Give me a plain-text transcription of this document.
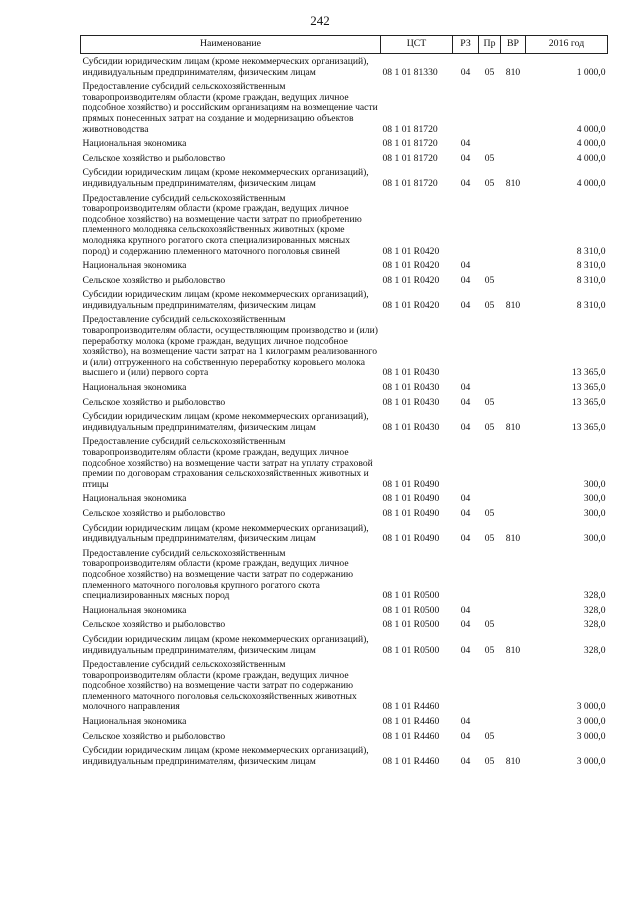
242
Наименование	ЦСТ	РЗ	Пр	ВР	2016 год
Субсидии юридическим лицам (кроме некоммерческих организаций), индивидуальным предпринимателям, физическим лицам	08 1 01 81330	04	05	810	1 000,0
Предоставление субсидий сельскохозяйственным товаропроизводителям области (кроме граждан, ведущих личное подсобное хозяйство) и российским организациям на возмещение части прямых понесенных затрат на создание и модернизацию объектов животноводства	08 1 01 81720				4 000,0
Национальная экономика	08 1 01 81720	04			4 000,0
Сельское хозяйство и рыболовство	08 1 01 81720	04	05		4 000,0
Субсидии юридическим лицам (кроме некоммерческих организаций), индивидуальным предпринимателям, физическим лицам	08 1 01 81720	04	05	810	4 000,0
Предоставление субсидий сельскохозяйственным товаропроизводителям области (кроме граждан, ведущих личное подсобное хозяйство) на возмещение части затрат по приобретению племенного молодняка сельскохозяйственных животных (кроме молодняка крупного рогатого скота специализированных мясных пород) и содержанию племенного маточного поголовья свиней	08 1 01 R0420				8 310,0
Национальная экономика	08 1 01 R0420	04			8 310,0
Сельское хозяйство и рыболовство	08 1 01 R0420	04	05		8 310,0
Субсидии юридическим лицам (кроме некоммерческих организаций), индивидуальным предпринимателям, физическим лицам	08 1 01 R0420	04	05	810	8 310,0
Предоставление субсидий сельскохозяйственным товаропроизводителям области, осуществляющим производство и (или) переработку молока (кроме граждан, ведущих личное подсобное хозяйство), на возмещение части затрат на 1 килограмм реализованного и (или) отгруженного на собственную переработку коровьего молока высшего и (или) первого сорта	08 1 01 R0430				13 365,0
Национальная экономика	08 1 01 R0430	04			13 365,0
Сельское хозяйство и рыболовство	08 1 01 R0430	04	05		13 365,0
Субсидии юридическим лицам (кроме некоммерческих организаций), индивидуальным предпринимателям, физическим лицам	08 1 01 R0430	04	05	810	13 365,0
Предоставление субсидий сельскохозяйственным товаропроизводителям области (кроме граждан, ведущих личное подсобное хозяйство) на возмещение части затрат на уплату страховой премии по договорам страхования сельскохозяйственных животных и птицы	08 1 01 R0490				300,0
Национальная экономика	08 1 01 R0490	04			300,0
Сельское хозяйство и рыболовство	08 1 01 R0490	04	05		300,0
Субсидии юридическим лицам (кроме некоммерческих организаций), индивидуальным предпринимателям, физическим лицам	08 1 01 R0490	04	05	810	300,0
Предоставление субсидий сельскохозяйственным товаропроизводителям области (кроме граждан, ведущих личное подсобное хозяйство) на возмещение части затрат по содержанию племенного маточного поголовья крупного рогатого скота специализированных мясных пород	08 1 01 R0500				328,0
Национальная экономика	08 1 01 R0500	04			328,0
Сельское хозяйство и рыболовство	08 1 01 R0500	04	05		328,0
Субсидии юридическим лицам (кроме некоммерческих организаций), индивидуальным предпринимателям, физическим лицам	08 1 01 R0500	04	05	810	328,0
Предоставление субсидий сельскохозяйственным товаропроизводителям области (кроме граждан, ведущих личное подсобное хозяйство) на возмещение части затрат по содержанию племенного маточного поголовья сельскохозяйственных животных молочного направления	08 1 01 R4460				3 000,0
Национальная экономика	08 1 01 R4460	04			3 000,0
Сельское хозяйство и рыболовство	08 1 01 R4460	04	05		3 000,0
Субсидии юридическим лицам (кроме некоммерческих организаций), индивидуальным предпринимателям, физическим лицам	08 1 01 R4460	04	05	810	3 000,0
